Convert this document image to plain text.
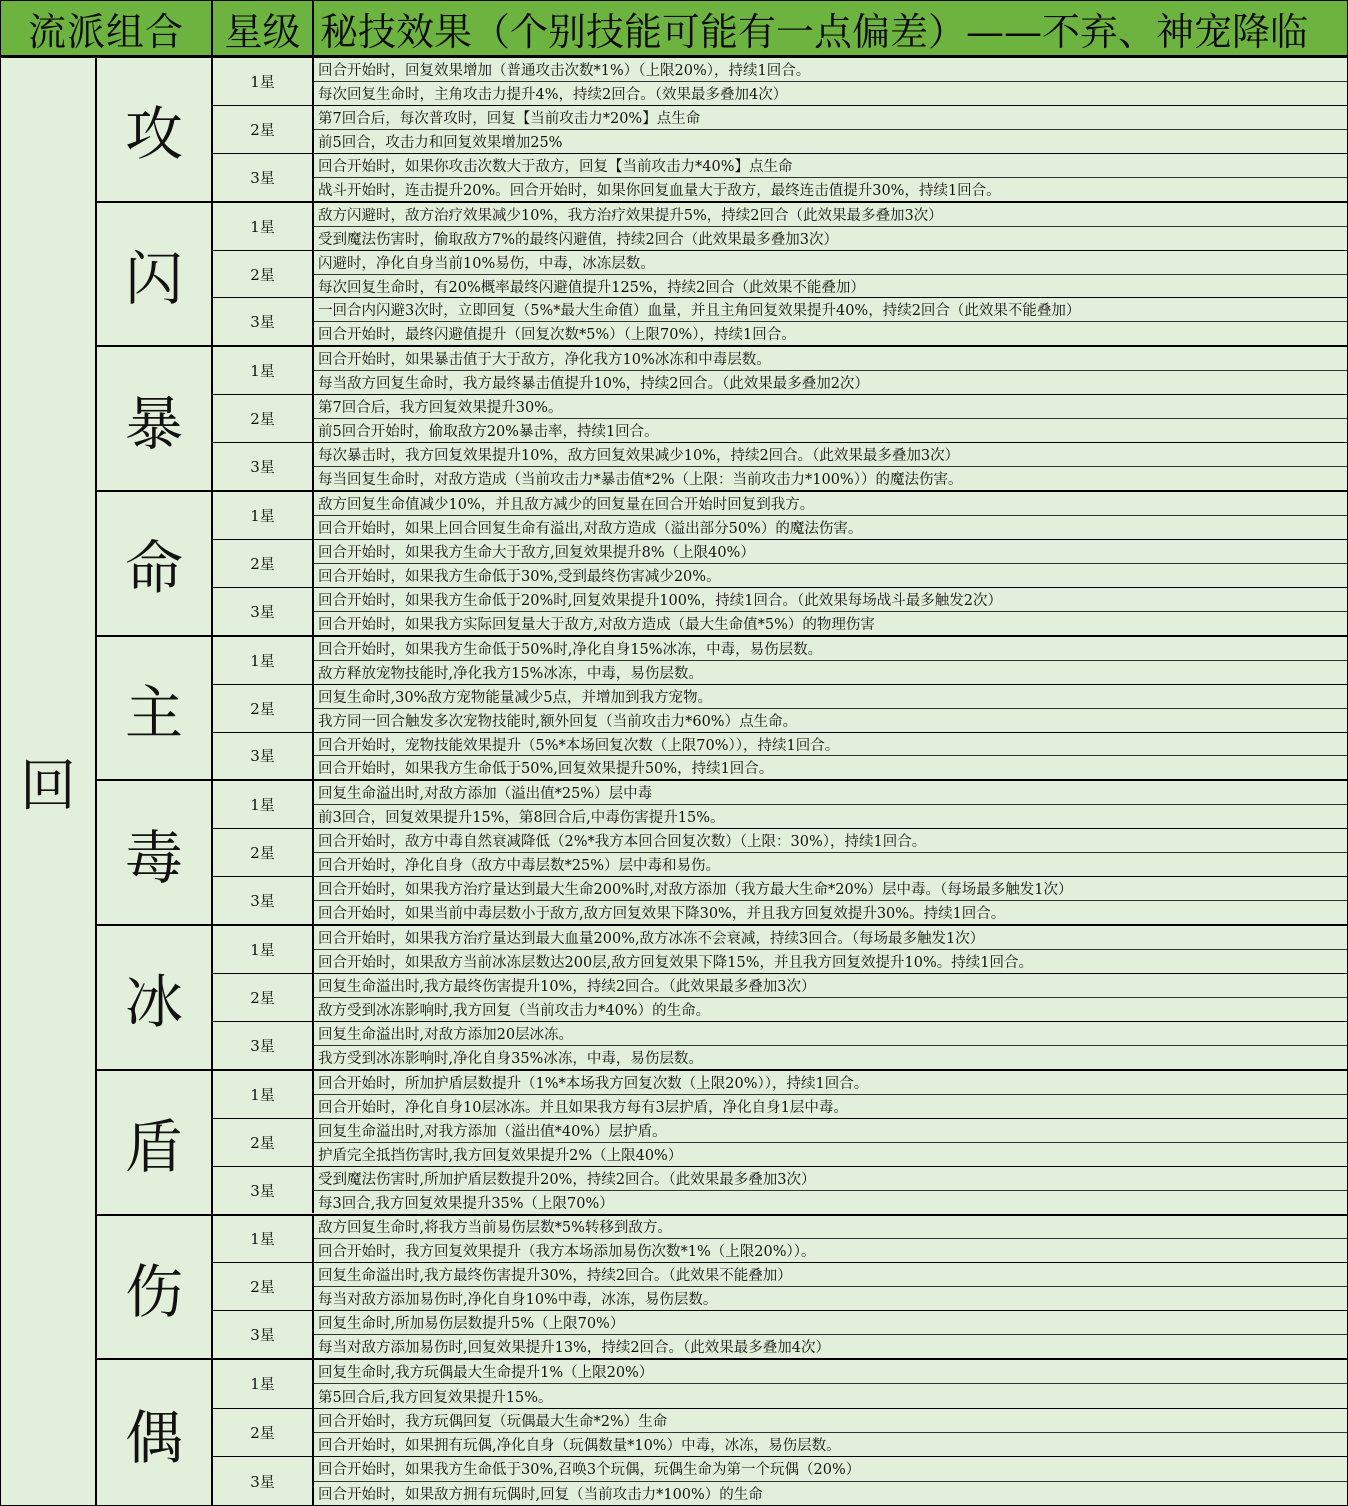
流派组合	星级 秘技效果（个别技能可能有一点偏差）——不弃、神宠降临
回
攻
1星
回合开始时，回复效果增加（普通攻击次数*1%）（上限20%），持续1回合。
每次回复生命时，主角攻击力提升4%，持续2回合。（效果最多叠加4次）
2星
第7回合后，每次普攻时，回复【当前攻击力*20%】点生命
前5回合，攻击力和回复效果增加25%
3星
回合开始时，如果你攻击次数大于敌方，回复【当前攻击力*40%】点生命
战斗开始时，连击提升20%。回合开始时，如果你回复血量大于敌方，最终连击值提升30%，持续1回合。
闪
1星
敌方闪避时，敌方治疗效果减少10%，我方治疗效果提升5%，持续2回合（此效果最多叠加3次）
受到魔法伤害时，偷取敌方7%的最终闪避值，持续2回合（此效果最多叠加3次）
2星
闪避时，净化自身当前10%易伤，中毒，冰冻层数。
每次回复生命时，有20%概率最终闪避值提升125%，持续2回合（此效果不能叠加）
3星
一回合内闪避3次时，立即回复（5%*最大生命值）血量，并且主角回复效果提升40%，持续2回合（此效果不能叠加）
回合开始时，最终闪避值提升（回复次数*5%）（上限70%），持续1回合。
暴
1星
回合开始时，如果暴击值于大于敌方，净化我方10%冰冻和中毒层数。
每当敌方回复生命时，我方最终暴击值提升10%，持续2回合。（此效果最多叠加2次）
2星
第7回合后，我方回复效果提升30%。
前5回合开始时，偷取敌方20%暴击率，持续1回合。
3星
每次暴击时，我方回复效果提升10%，敌方回复效果减少10%，持续2回合。（此效果最多叠加3次）
每当回复生命时，对敌方造成（当前攻击力*暴击值*2%（上限：当前攻击力*100%））的魔法伤害。
命
1星
敌方回复生命值减少10%，并且敌方减少的回复量在回合开始时回复到我方。
回合开始时，如果上回合回复生命有溢出,对敌方造成（溢出部分50%）的魔法伤害。
2星
回合开始时，如果我方生命大于敌方,回复效果提升8%（上限40%）
回合开始时，如果我方生命低于30%,受到最终伤害减少20%。
3星
回合开始时，如果我方生命低于20%时,回复效果提升100%，持续1回合。（此效果每场战斗最多触发2次）
回合开始时，如果我方实际回复量大于敌方,对敌方造成（最大生命值*5%）的物理伤害
主
1星
回合开始时，如果我方生命低于50%时,净化自身15%冰冻，中毒，易伤层数。
敌方释放宠物技能时,净化我方15%冰冻，中毒，易伤层数。
2星
回复生命时,30%敌方宠物能量减少5点，并增加到我方宠物。
我方同一回合触发多次宠物技能时,额外回复（当前攻击力*60%）点生命。
3星
回合开始时，宠物技能效果提升（5%*本场回复次数（上限70%）），持续1回合。
回合开始时，如果我方生命低于50%,回复效果提升50%，持续1回合。
毒
1星
回复生命溢出时,对敌方添加（溢出值*25%）层中毒
前3回合，回复效果提升15%，第8回合后,中毒伤害提升15%。
2星
回合开始时，敌方中毒自然衰减降低（2%*我方本回合回复次数）（上限：30%），持续1回合。
回合开始时，净化自身（敌方中毒层数*25%）层中毒和易伤。
3星
回合开始时，如果我方治疗量达到最大生命200%时,对敌方添加（我方最大生命*20%）层中毒。（每场最多触发1次）
回合开始时，如果当前中毒层数小于敌方,敌方回复效果下降30%，并且我方回复效提升30%。持续1回合。
冰
1星
回合开始时，如果我方治疗量达到最大血量200%,敌方冰冻不会衰减，持续3回合。（每场最多触发1次）
回合开始时，如果敌方当前冰冻层数达200层,敌方回复效果下降15%，并且我方回复效提升10%。持续1回合。
2星
回复生命溢出时,我方最终伤害提升10%，持续2回合。（此效果最多叠加3次）
敌方受到冰冻影响时,我方回复（当前攻击力*40%）的生命。
3星
回复生命溢出时,对敌方添加20层冰冻。
我方受到冰冻影响时,净化自身35%冰冻，中毒，易伤层数。
盾
1星
回合开始时，所加护盾层数提升（1%*本场我方回复次数（上限20%）），持续1回合。
回合开始时，净化自身10层冰冻。并且如果我方每有3层护盾，净化自身1层中毒。
2星
回复生命溢出时,对我方添加（溢出值*40%）层护盾。
护盾完全抵挡伤害时,我方回复效果提升2%（上限40%）
3星
受到魔法伤害时,所加护盾层数提升20%，持续2回合。（此效果最多叠加3次）
每3回合,我方回复效果提升35%（上限70%）
伤
1星
敌方回复生命时,将我方当前易伤层数*5%转移到敌方。
回合开始时，我方回复效果提升（我方本场添加易伤次数*1%（上限20%））。
2星
回复生命溢出时,我方最终伤害提升30%，持续2回合。（此效果不能叠加）
每当对敌方添加易伤时,净化自身10%中毒，冰冻，易伤层数。
3星
回复生命时,所加易伤层数提升5%（上限70%）
每当对敌方添加易伤时,回复效果提升13%，持续2回合。（此效果最多叠加4次）
偶
1星
回复生命时,我方玩偶最大生命提升1%（上限20%）
第5回合后,我方回复效果提升15%。
2星
回合开始时，我方玩偶回复（玩偶最大生命*2%）生命
回合开始时，如果拥有玩偶,净化自身（玩偶数量*10%）中毒，冰冻，易伤层数。
3星
回合开始时，如果我方生命低于30%,召唤3个玩偶，玩偶生命为第一个玩偶（20%）
回合开始时，如果敌方拥有玩偶时,回复（当前攻击力*100%）的生命
